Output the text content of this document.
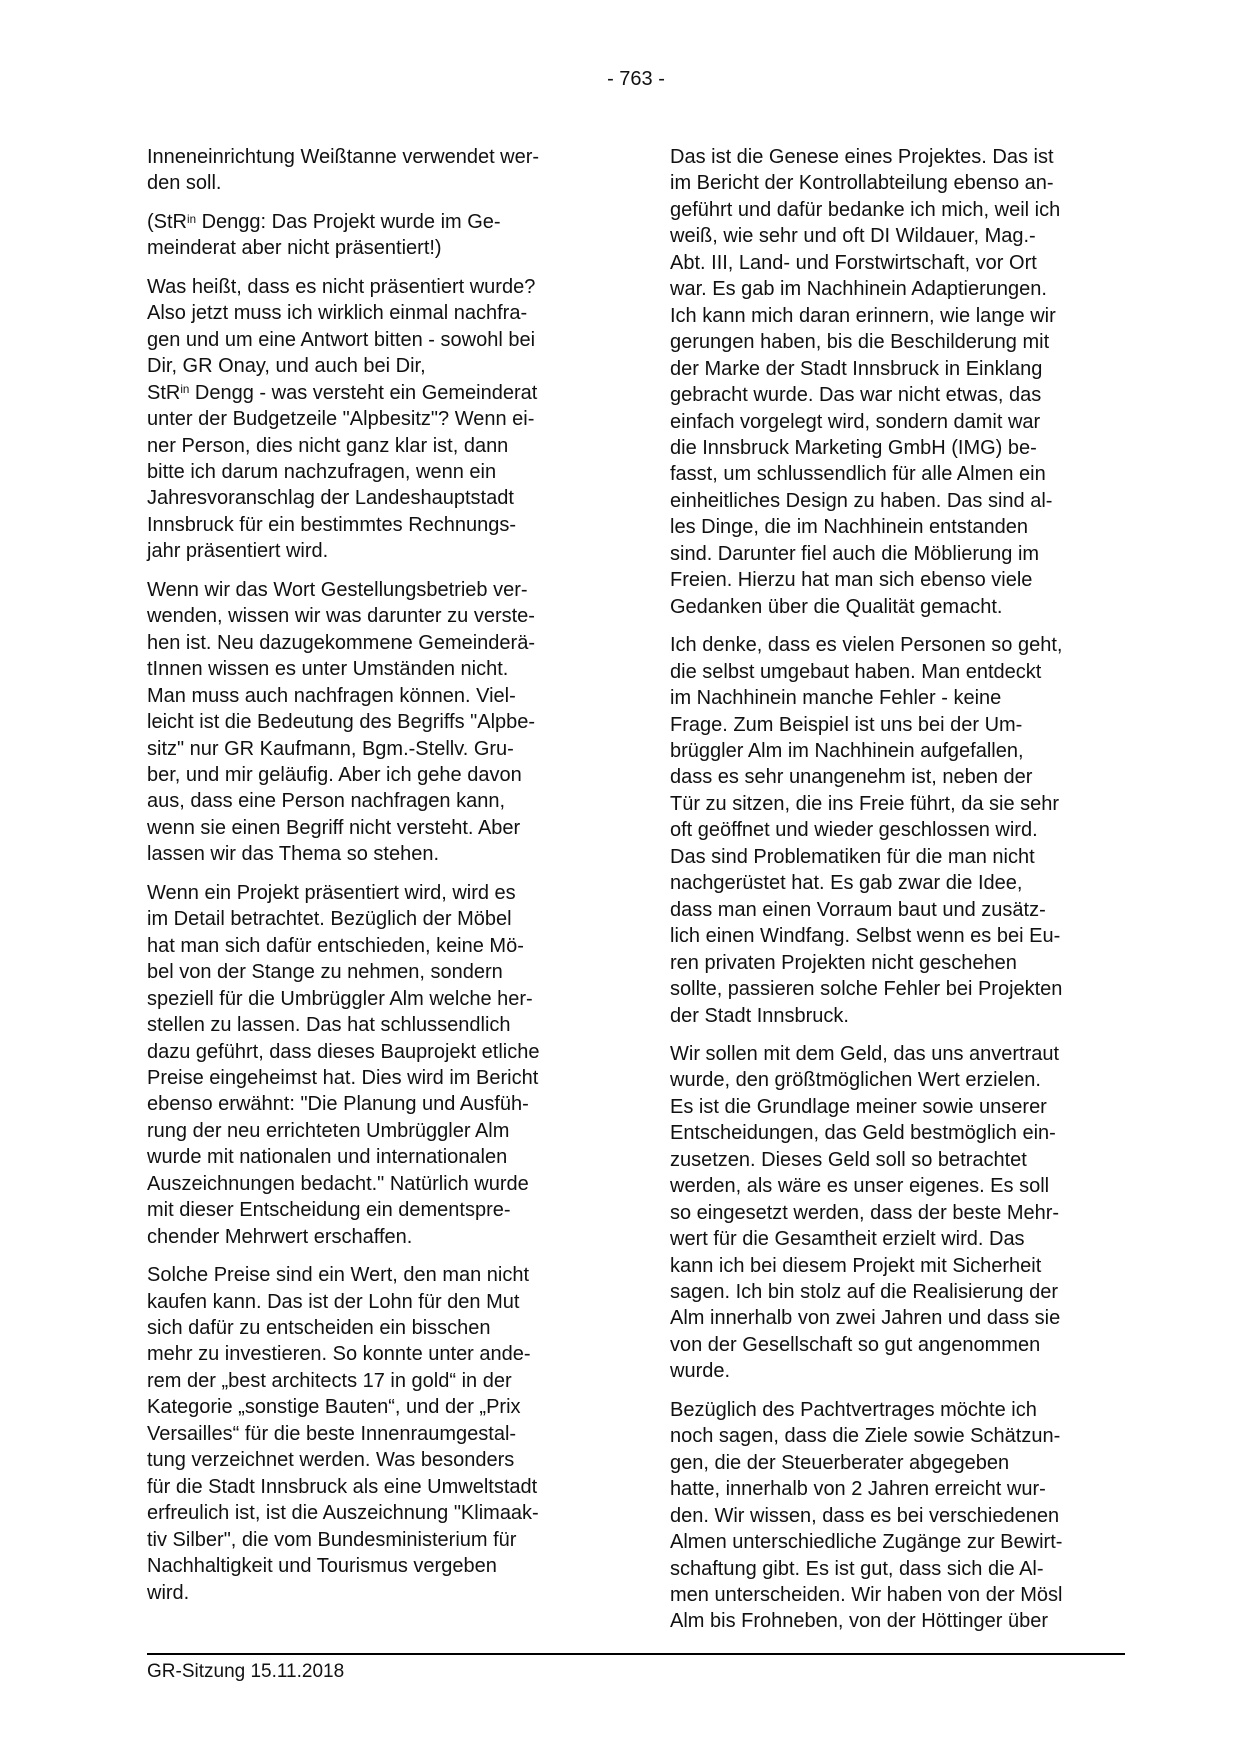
- 763 -

Inneneinrichtung Weißtanne verwendet wer-
den soll.

(StR$^{in}$ Dengg: Das Projekt wurde im Ge-
meinderat aber nicht präsentiert!)

Was heißt, dass es nicht präsentiert wurde?
Also jetzt muss ich wirklich einmal nachfra-
gen und um eine Antwort bitten - sowohl bei
Dir, GR Onay, und auch bei Dir,
StR$^{in}$ Dengg - was versteht ein Gemeinderat
unter der Budgetzeile "Alpbesitz"? Wenn ei-
ner Person, dies nicht ganz klar ist, dann
bitte ich darum nachzufragen, wenn ein
Jahresvoranschlag der Landeshauptstadt
Innsbruck für ein bestimmtes Rechnungs-
jahr präsentiert wird.

Wenn wir das Wort Gestellungsbetrieb ver-
wenden, wissen wir was darunter zu verste-
hen ist. Neu dazugekommene Gemeinderä-
tInnen wissen es unter Umständen nicht.
Man muss auch nachfragen können. Viel-
leicht ist die Bedeutung des Begriffs "Alpbe-
sitz" nur GR Kaufmann, Bgm.-Stellv. Gru-
ber, und mir geläufig. Aber ich gehe davon
aus, dass eine Person nachfragen kann,
wenn sie einen Begriff nicht versteht. Aber
lassen wir das Thema so stehen.

Wenn ein Projekt präsentiert wird, wird es
im Detail betrachtet. Bezüglich der Möbel
hat man sich dafür entschieden, keine Mö-
bel von der Stange zu nehmen, sondern
speziell für die Umbrüggler Alm welche her-
stellen zu lassen. Das hat schlussendlich
dazu geführt, dass dieses Bauprojekt etliche
Preise eingeheimst hat. Dies wird im Bericht
ebenso erwähnt: "Die Planung und Ausfüh-
rung der neu errichteten Umbrüggler Alm
wurde mit nationalen und internationalen
Auszeichnungen bedacht." Natürlich wurde
mit dieser Entscheidung ein dementspre-
chender Mehrwert erschaffen.

Solche Preise sind ein Wert, den man nicht
kaufen kann. Das ist der Lohn für den Mut
sich dafür zu entscheiden ein bisschen
mehr zu investieren. So konnte unter ande-
rem der „best architects 17 in gold“ in der
Kategorie „sonstige Bauten“, und der „Prix
Versailles“ für die beste Innenraumgestal-
tung verzeichnet werden. Was besonders
für die Stadt Innsbruck als eine Umweltstadt
erfreulich ist, ist die Auszeichnung "Klimaak-
tiv Silber", die vom Bundesministerium für
Nachhaltigkeit und Tourismus vergeben
wird.

Das ist die Genese eines Projektes. Das ist
im Bericht der Kontrollabteilung ebenso an-
geführt und dafür bedanke ich mich, weil ich
weiß, wie sehr und oft DI Wildauer, Mag.-
Abt. III, Land- und Forstwirtschaft, vor Ort
war. Es gab im Nachhinein Adaptierungen.
Ich kann mich daran erinnern, wie lange wir
gerungen haben, bis die Beschilderung mit
der Marke der Stadt Innsbruck in Einklang
gebracht wurde. Das war nicht etwas, das
einfach vorgelegt wird, sondern damit war
die Innsbruck Marketing GmbH (IMG) be-
fasst, um schlussendlich für alle Almen ein
einheitliches Design zu haben. Das sind al-
les Dinge, die im Nachhinein entstanden
sind. Darunter fiel auch die Möblierung im
Freien. Hierzu hat man sich ebenso viele
Gedanken über die Qualität gemacht.

Ich denke, dass es vielen Personen so geht,
die selbst umgebaut haben. Man entdeckt
im Nachhinein manche Fehler - keine
Frage. Zum Beispiel ist uns bei der Um-
brüggler Alm im Nachhinein aufgefallen,
dass es sehr unangenehm ist, neben der
Tür zu sitzen, die ins Freie führt, da sie sehr
oft geöffnet und wieder geschlossen wird.
Das sind Problematiken für die man nicht
nachgerüstet hat. Es gab zwar die Idee,
dass man einen Vorraum baut und zusätz-
lich einen Windfang. Selbst wenn es bei Eu-
ren privaten Projekten nicht geschehen
sollte, passieren solche Fehler bei Projekten
der Stadt Innsbruck.

Wir sollen mit dem Geld, das uns anvertraut
wurde, den größtmöglichen Wert erzielen.
Es ist die Grundlage meiner sowie unserer
Entscheidungen, das Geld bestmöglich ein-
zusetzen. Dieses Geld soll so betrachtet
werden, als wäre es unser eigenes. Es soll
so eingesetzt werden, dass der beste Mehr-
wert für die Gesamtheit erzielt wird. Das
kann ich bei diesem Projekt mit Sicherheit
sagen. Ich bin stolz auf die Realisierung der
Alm innerhalb von zwei Jahren und dass sie
von der Gesellschaft so gut angenommen
wurde.

Bezüglich des Pachtvertrages möchte ich
noch sagen, dass die Ziele sowie Schätzun-
gen, die der Steuerberater abgegeben
hatte, innerhalb von 2 Jahren erreicht wur-
den. Wir wissen, dass es bei verschiedenen
Almen unterschiedliche Zugänge zur Bewirt-
schaftung gibt. Es ist gut, dass sich die Al-
men unterscheiden. Wir haben von der Mösl
Alm bis Frohneben, von der Höttinger über

GR-Sitzung 15.11.2018
